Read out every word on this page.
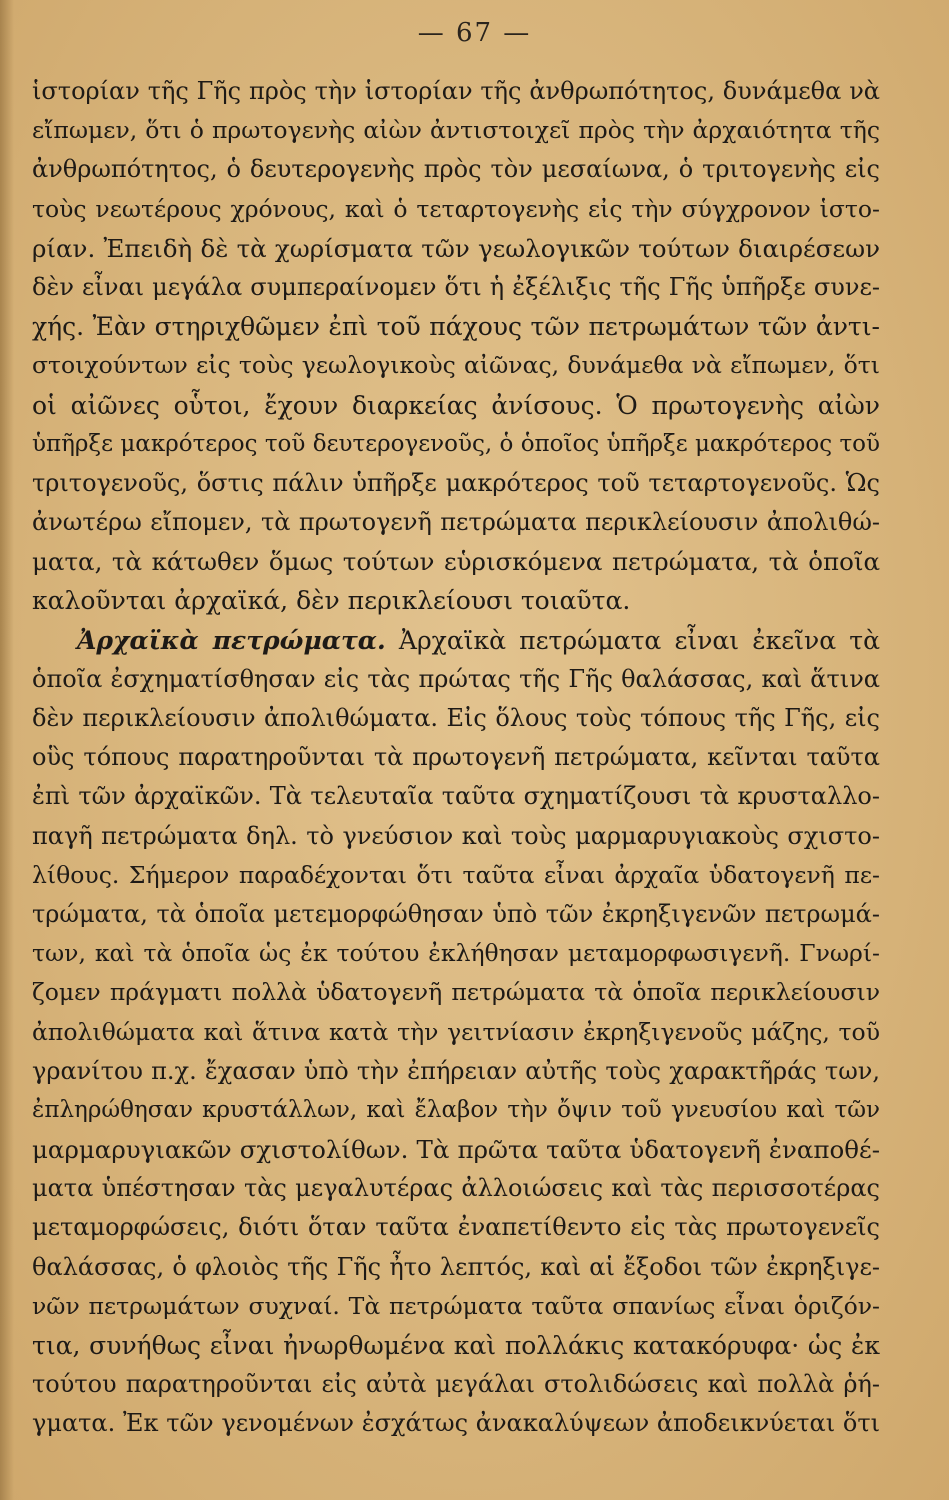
— 67 —
ἱστορίαν τῆς Γῆς πρὸς τὴν ἱστορίαν τῆς ἀνθρωπότητος, δυνάμεθα νὰ
εἴπωμεν, ὅτι ὁ πρωτογενὴς αἰὼν ἀντιστοιχεῖ πρὸς τὴν ἀρχαιότητα τῆς
ἀνθρωπότητος, ὁ δευτερογενὴς πρὸς τὸν μεσαίωνα, ὁ τριτογενὴς εἰς
τοὺς νεωτέρους χρόνους, καὶ ὁ τεταρτογενὴς εἰς τὴν σύγχρονον ἱστο-
ρίαν. Ἐπειδὴ δὲ τὰ χωρίσματα τῶν γεωλογικῶν τούτων διαιρέσεων
δὲν εἶναι μεγάλα συμπεραίνομεν ὅτι ἡ ἐξέλιξις τῆς Γῆς ὑπῆρξε συνε-
χής. Ἐὰν στηριχθῶμεν ἐπὶ τοῦ πάχους τῶν πετρωμάτων τῶν ἀντι-
στοιχούντων εἰς τοὺς γεωλογικοὺς αἰῶνας, δυνάμεθα νὰ εἴπωμεν, ὅτι
οἱ αἰῶνες οὗτοι, ἔχουν διαρκείας ἀνίσους. Ὁ πρωτογενὴς αἰὼν
ὑπῆρξε μακρότερος τοῦ δευτερογενοῦς, ὁ ὁποῖος ὑπῆρξε μακρότερος τοῦ
τριτογενοῦς, ὅστις πάλιν ὑπῆρξε μακρότερος τοῦ τεταρτογενοῦς. Ὡς
ἀνωτέρω εἴπομεν, τὰ πρωτογενῆ πετρώματα περικλείουσιν ἀπολιθώ-
ματα, τὰ κάτωθεν ὅμως τούτων εὑρισκόμενα πετρώματα, τὰ ὁποῖα
καλοῦνται ἀρχαϊκά, δὲν περικλείουσι τοιαῦτα.
Ἀρχαϊκὰ πετρώματα. Ἀρχαϊκὰ πετρώματα εἶναι ἐκεῖνα τὰ
ὁποῖα ἐσχηματίσθησαν εἰς τὰς πρώτας τῆς Γῆς θαλάσσας, καὶ ἅτινα
δὲν περικλείουσιν ἀπολιθώματα. Εἰς ὅλους τοὺς τόπους τῆς Γῆς, εἰς
οὓς τόπους παρατηροῦνται τὰ πρωτογενῆ πετρώματα, κεῖνται ταῦτα
ἐπὶ τῶν ἀρχαϊκῶν. Τὰ τελευταῖα ταῦτα σχηματίζουσι τὰ κρυσταλλο-
παγῆ πετρώματα δηλ. τὸ γνεύσιον καὶ τοὺς μαρμαρυγιακοὺς σχιστο-
λίθους. Σήμερον παραδέχονται ὅτι ταῦτα εἶναι ἀρχαῖα ὑδατογενῆ πε-
τρώματα, τὰ ὁποῖα μετεμορφώθησαν ὑπὸ τῶν ἐκρηξιγενῶν πετρωμά-
των, καὶ τὰ ὁποῖα ὡς ἐκ τούτου ἐκλήθησαν μεταμορφωσιγενῆ. Γνωρί-
ζομεν πράγματι πολλὰ ὑδατογενῆ πετρώματα τὰ ὁποῖα περικλείουσιν
ἀπολιθώματα καὶ ἅτινα κατὰ τὴν γειτνίασιν ἐκρηξιγενοῦς μάζης, τοῦ
γρανίτου π.χ. ἔχασαν ὑπὸ τὴν ἐπήρειαν αὐτῆς τοὺς χαρακτῆράς των,
ἐπληρώθησαν κρυστάλλων, καὶ ἔλαβον τὴν ὄψιν τοῦ γνευσίου καὶ τῶν
μαρμαρυγιακῶν σχιστολίθων. Τὰ πρῶτα ταῦτα ὑδατογενῆ ἐναποθέ-
ματα ὑπέστησαν τὰς μεγαλυτέρας ἀλλοιώσεις καὶ τὰς περισσοτέρας
μεταμορφώσεις, διότι ὅταν ταῦτα ἐναπετίθεντο εἰς τὰς πρωτογενεῖς
θαλάσσας, ὁ φλοιὸς τῆς Γῆς ἦτο λεπτός, καὶ αἱ ἔξοδοι τῶν ἐκρηξιγε-
νῶν πετρωμάτων συχναί. Τὰ πετρώματα ταῦτα σπανίως εἶναι ὁριζόν-
τια, συνήθως εἶναι ἠνωρθωμένα καὶ πολλάκις κατακόρυφα· ὡς ἐκ
τούτου παρατηροῦνται εἰς αὐτὰ μεγάλαι στολιδώσεις καὶ πολλὰ ῥή-
γματα. Ἐκ τῶν γενομένων ἐσχάτως ἀνακαλύψεων ἀποδεικνύεται ὅτι
